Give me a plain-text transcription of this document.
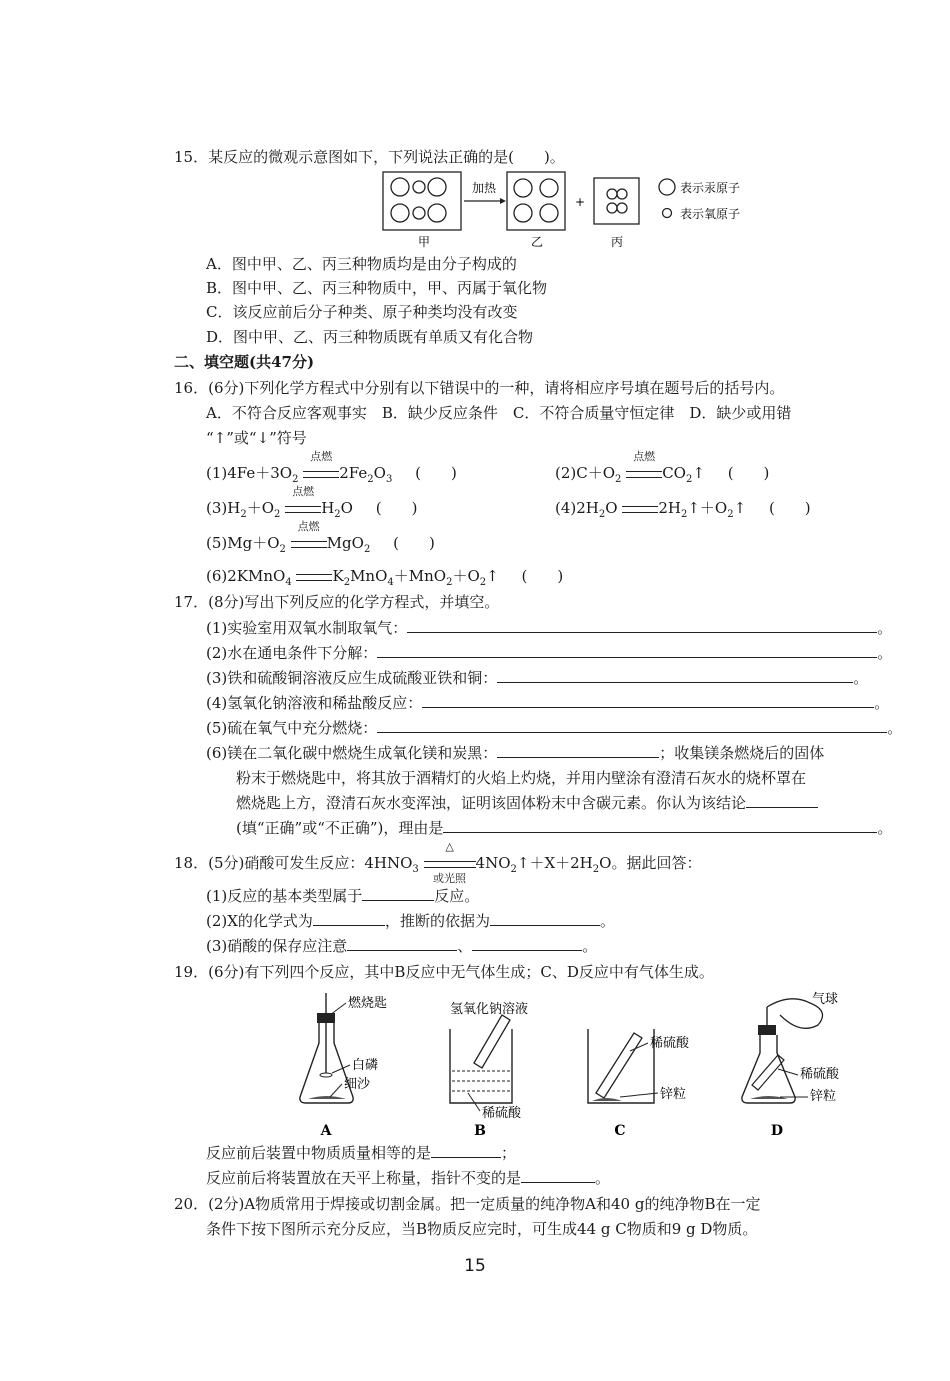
15．某反应的微观示意图如下，下列说法正确的是(　　)。
加热
+
表示汞原子
表示氧原子
甲	乙	丙
A．图中甲、乙、丙三种物质均是由分子构成的
B．图中甲、乙、丙三种物质中，甲、丙属于氧化物
C．该反应前后分子种类、原子种类均没有改变
D．图中甲、乙、丙三种物质既有单质又有化合物
二、填空题(共47分)
16．(6分)下列化学方程式中分别有以下错误中的一种，请将相应序号填在题号后的括号内。
A．不符合反应客观事实　B．缺少反应条件　C．不符合质量守恒定律　D．缺少或用错
“↑”或“↓”符号
$(1)4Fe+3O_2$
点燃
$2Fe_2O_3$ (　　)	$(2)C+O_2$
点燃
$CO_2↑$ (　　)
$(3)H_2+O_2$
点燃
$H_2O$ (　　)	$(4)2H_2O$	$2H_2↑+O_2↑$ (　　)
$(5)Mg+O_2$
点燃
MgO$_2$ (　　)
(6)2KMnO$_4$	$K_2MnO_4+MnO_2+O_2↑$ (　　)
17．(8分)写出下列反应的化学方程式，并填空。
(1)实验室用双氧水制取氧气：	。
(2)水在通电条件下分解：	。
(3)铁和硫酸铜溶液反应生成硫酸亚铁和铜：	。
(4)氢氧化钠溶液和稀盐酸反应：	。
(5)硫在氧气中充分燃烧：	。
(6)镁在二氧化碳中燃烧生成氧化镁和炭黑：	；收集镁条燃烧后的固体
粉末于燃烧匙中，将其放于酒精灯的火焰上灼烧，并用内壁涂有澄清石灰水的烧杯罩在
燃烧匙上方，澄清石灰水变浑浊，证明该固体粉末中含碳元素。你认为该结论
(填“正确”或“不正确”)，理由是	。
18．(5分)硝酸可发生反应：$4HNO_3$
△
或光照
$4NO_2↑+X+2H_2O$。据此回答：
(1)反应的基本类型属于	反应。
(2)X的化学式为	，推断的依据为	。
(3)硝酸的保存应注意	、	。
19．(6分)有下列四个反应，其中B反应中无气体生成；C、D反应中有气体生成。
燃烧匙
白磷
细沙
A
氢氧化钠溶液
稀硫酸
B
稀硫酸
锌粒
C
气球
稀硫酸
锌粒
D
反应前后装置中物质质量相等的是	；
反应前后将装置放在天平上称量，指针不变的是	。
20．(2分)A物质常用于焊接或切割金属。把一定质量的纯净物A和40 g的纯净物B在一定
条件下按下图所示充分反应，当B物质反应完时，可生成44 g C物质和9 g D物质。
15
